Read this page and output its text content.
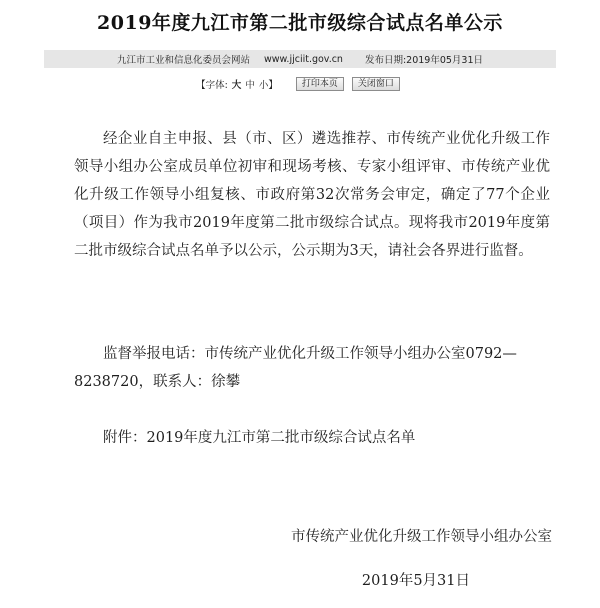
2019年度九江市第二批市级综合试点名单公示
九江市工业和信息化委员会网站 www.jjciit.gov.cn 发布日期: 2019年05月31日
【字体: 大 中 小 】	打印本页	关闭窗口
经企业自主申报、县（市、区）遴选推荐、市传统产业优化升级工作领导小组办公室成员单位初审和现场考核、专家小组评审、市传统产业优化升级工作领导小组复核、市政府第32次常务会审定，确定了77个企业（项目）作为我市2019年度第二批市级综合试点。现将我市2019年度第二批市级综合试点名单予以公示，公示期为3天，请社会各界进行监督。
监督举报电话：市传统产业优化升级工作领导小组办公室0792—8238720，联系人：徐攀
附件：2019年度九江市第二批市级综合试点名单
市传统产业优化升级工作领导小组办公室
2019年5月31日
